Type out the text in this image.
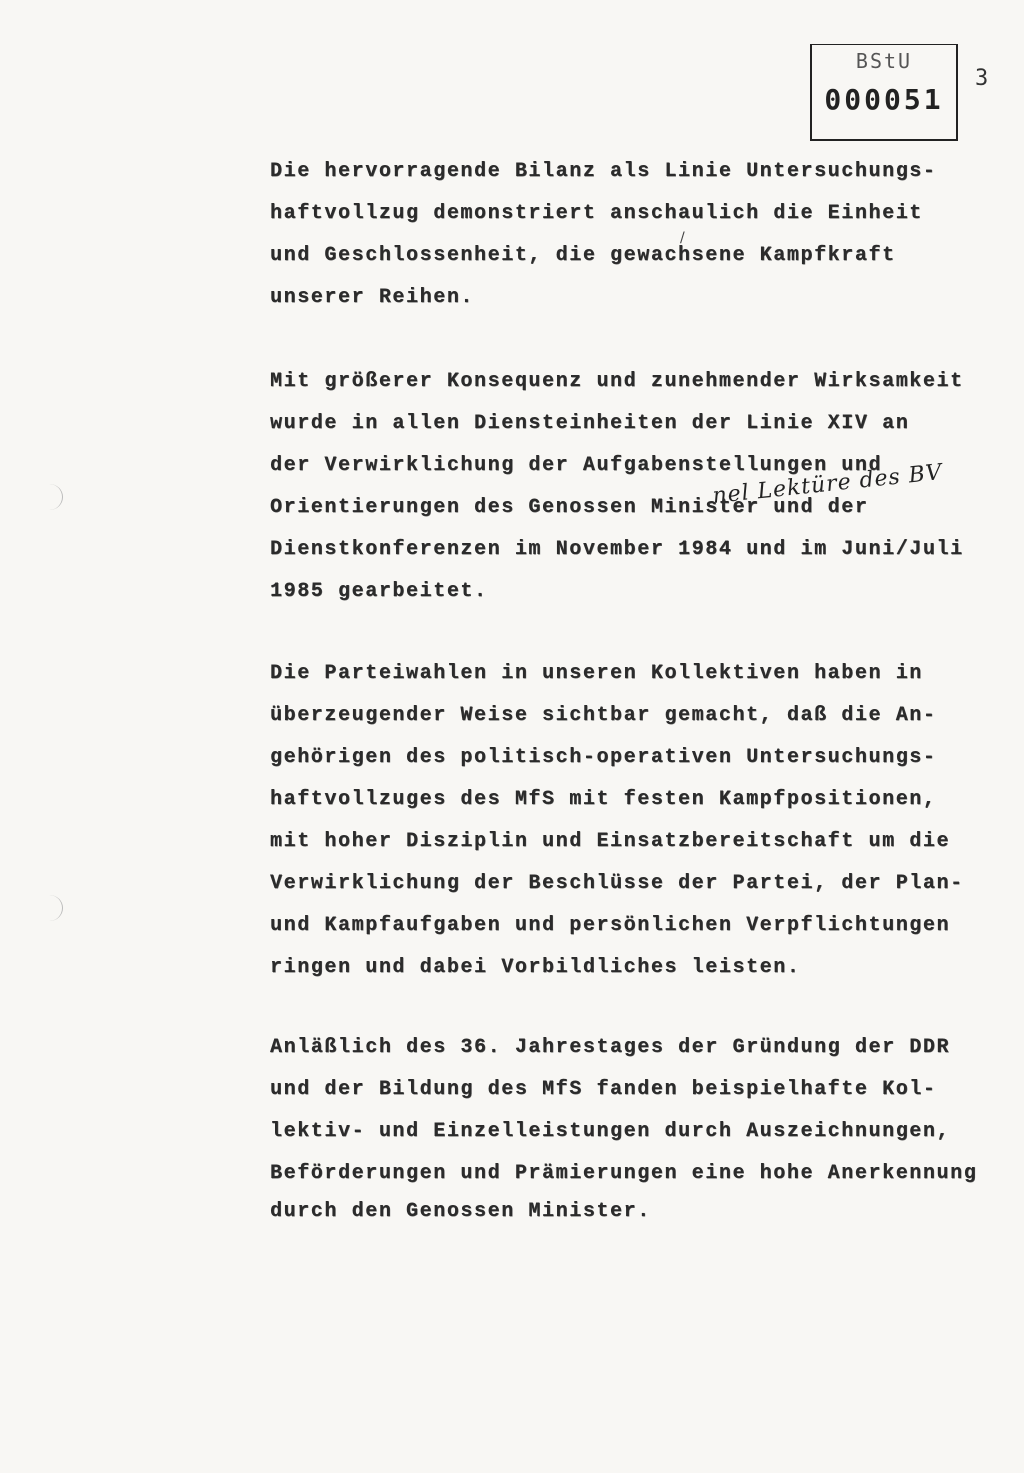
BStU
000051
3
nel Lektüre des BV
/
Die hervorragende Bilanz als Linie Untersuchungs-
haftvollzug demonstriert anschaulich die Einheit
und Geschlossenheit, die gewachsene Kampfkraft
unserer Reihen.
Mit größerer Konsequenz und zunehmender Wirksamkeit
wurde in allen Diensteinheiten der Linie XIV an
der Verwirklichung der Aufgabenstellungen und
Orientierungen des Genossen Minister und der
Dienstkonferenzen im November 1984 und im Juni/Juli
1985 gearbeitet.
Die Parteiwahlen in unseren Kollektiven haben in
überzeugender Weise sichtbar gemacht, daß die An-
gehörigen des politisch-operativen Untersuchungs-
haftvollzuges des MfS mit festen Kampfpositionen,
mit hoher Disziplin und Einsatzbereitschaft um die
Verwirklichung der Beschlüsse der Partei, der Plan-
und Kampfaufgaben und persönlichen Verpflichtungen
ringen und dabei Vorbildliches leisten.
Anläßlich des 36. Jahrestages der Gründung der DDR
und der Bildung des MfS fanden beispielhafte Kol-
lektiv- und Einzelleistungen durch Auszeichnungen,
Beförderungen und Prämierungen eine hohe Anerkennung
durch den Genossen Minister.
